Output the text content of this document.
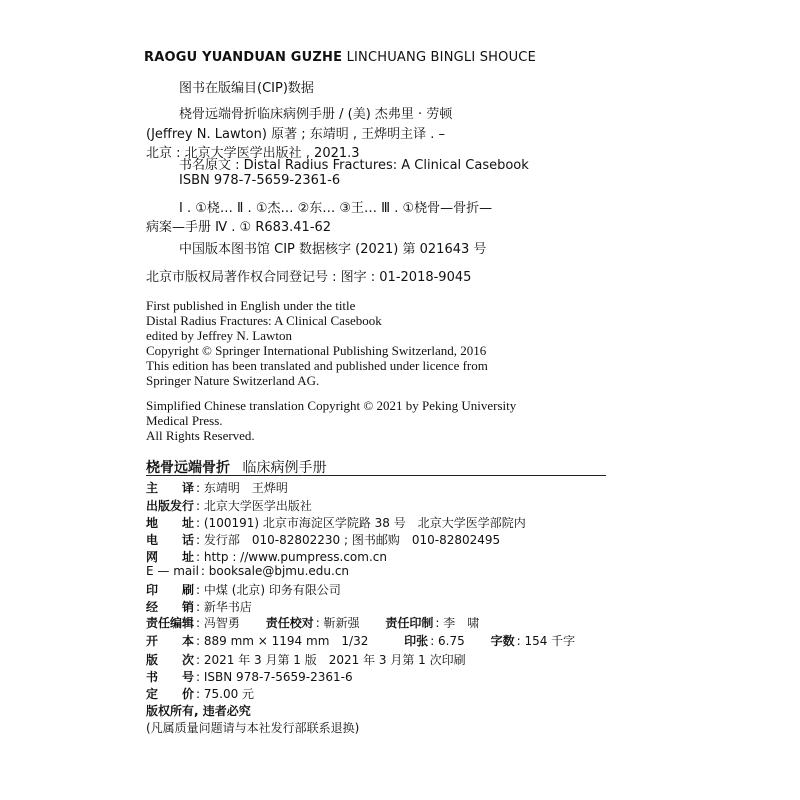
RAOGU YUANDUAN GUZHE LINCHUANG BINGLI SHOUCE
图书在版编目(CIP)数据
桡骨远端骨折临床病例手册 / (美) 杰弗里 · 劳顿
(Jeffrey N. Lawton) 原著 ; 东靖明 , 王烨明主译 . –
北京 : 北京大学医学出版社 , 2021.3
书名原文 : Distal Radius Fractures: A Clinical Casebook
ISBN 978-7-5659-2361-6
Ⅰ . ①桡… Ⅱ . ①杰… ②东… ③王… Ⅲ . ①桡骨—骨折—
病案—手册 Ⅳ . ① R683.41-62
中国版本图书馆 CIP 数据核字 (2021) 第 021643 号
北京市版权局著作权合同登记号 : 图字 : 01-2018-9045
First published in English under the title
Distal Radius Fractures: A Clinical Casebook
edited by Jeffrey N. Lawton
Copyright © Springer International Publishing Switzerland, 2016
This edition has been translated and published under licence from
Springer Nature Switzerland AG.
Simplified Chinese translation Copyright © 2021 by Peking University
Medical Press.
All Rights Reserved.
桡骨远端骨折 临床病例手册
主　　译 : 东靖明　王烨明
出版发行 : 北京大学医学出版社
地　　址 : (100191) 北京市海淀区学院路 38 号　北京大学医学部院内
电　　话 : 发行部　010-82802230 ; 图书邮购　010-82802495
网　　址 : http : //www.pumpress.com.cn
E — mail : booksale@bjmu.edu.cn
印　　刷 : 中煤 (北京) 印务有限公司
经　　销 : 新华书店
责任编辑 : 冯智勇 责任校对 : 靳新强 责任印制 : 李　啸
开　　本 : 889 mm × 1194 mm　1/32	印张 : 6.75 字数 : 154 千字
版　　次 : 2021 年 3 月第 1 版　2021 年 3 月第 1 次印刷
书　　号 : ISBN 978-7-5659-2361-6
定　　价 : 75.00 元
版权所有, 违者必究
(凡属质量问题请与本社发行部联系退换)
